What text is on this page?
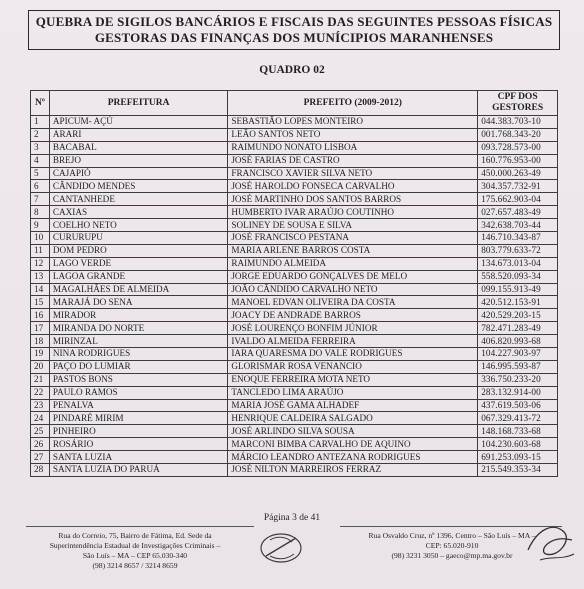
QUEBRA DE SIGILOS BANCÁRIOS E FISCAIS DAS SEGUINTES PESSOAS FÍSICAS
GESTORAS DAS FINANÇAS DOS MUNÍCIPIOS MARANHENSES
QUADRO 02
Nº	PREFEITURA	PREFEITO (2009-2012)	CPF DOS
GESTORES

1	APICUM- AÇÚ	SEBASTIÃO LOPES MONTEIRO	044.383.703-10
2	ARARI	LEÃO SANTOS NETO	001.768.343-20
3	BACABAL	RAIMUNDO NONATO LISBOA	093.728.573-00
4	BREJO	JOSÉ FARIAS DE CASTRO	160.776.953-00
5	CAJAPIÓ	FRANCISCO XAVIER SILVA NETO	450.000.263-49
6	CÂNDIDO MENDES	JOSÉ HAROLDO FONSECA CARVALHO	304.357.732-91
7	CANTANHEDE	JOSÉ MARTINHO DOS SANTOS BARROS	175.662.903-04
8	CAXIAS	HUMBERTO IVAR ARAÚJO COUTINHO	027.657.483-49
9	COELHO NETO	SOLINEY DE SOUSA E SILVA	342.638.703-44
10	CURURUPU	JOSÉ FRANCISCO PESTANA	146.710.343-87
11	DOM PEDRO	MARIA ARLENE BARROS COSTA	803.779.633-72
12	LAGO VERDE	RAIMUNDO ALMEIDA	134.673.013-04
13	LAGOA GRANDE	JORGE EDUARDO GONÇALVES DE MELO	558.520.093-34
14	MAGALHÃES DE ALMEIDA	JOÃO CÂNDIDO CARVALHO NETO	099.155.913-49
15	MARAJÁ DO SENA	MANOEL EDVAN OLIVEIRA DA COSTA	420.512.153-91
16	MIRADOR	JOACY DE ANDRADE BARROS	420.529.203-15
17	MIRANDA DO NORTE	JOSÉ LOURENÇO BONFIM JÚNIOR	782.471.283-49
18	MIRINZAL	IVALDO ALMEIDA FERREIRA	406.820.993-68
19	NINA RODRIGUES	IARA QUARESMA DO VALE RODRIGUES	104.227.903-97
20	PAÇO DO LUMIAR	GLORISMAR ROSA VENANCIO	146.995.593-87
21	PASTOS BONS	ENOQUE FERREIRA MOTA NETO	336.750.233-20
22	PAULO RAMOS	TANCLEDO LIMA ARAÚJO	283.132.914-00
23	PENALVA	MARIA JOSÉ GAMA ALHADEF	437.619.503-06
24	PINDARÉ MIRIM	HENRIQUE CALDEIRA SALGADO	067.329.413-72
25	PINHEIRO	JOSÉ ARLINDO SILVA SOUSA	148.168.733-68
26	ROSÁRIO	MARCONI BIMBA CARVALHO DE AQUINO	104.230.603-68
27	SANTA LUZIA	MÁRCIO LEANDRO ANTEZANA RODRIGUES	691.253.093-15
28	SANTA LUZIA DO PARUÁ	JOSÉ NILTON MARREIROS FERRAZ	215.549.353-34
Página 3 de 41
Rua do Correio, 75, Bairro de Fátima, Ed. Sede da
Superintendência Estadual de Investigações Criminais –
São Luís – MA – CEP 65.030-340
(98) 3214 8657 / 3214 8659
Rua Osvaldo Cruz, nº 1396, Centro – São Luís – MA –
CEP: 65.020-910
(98) 3231 3050 – gaeco@mp.ma.gov.br
